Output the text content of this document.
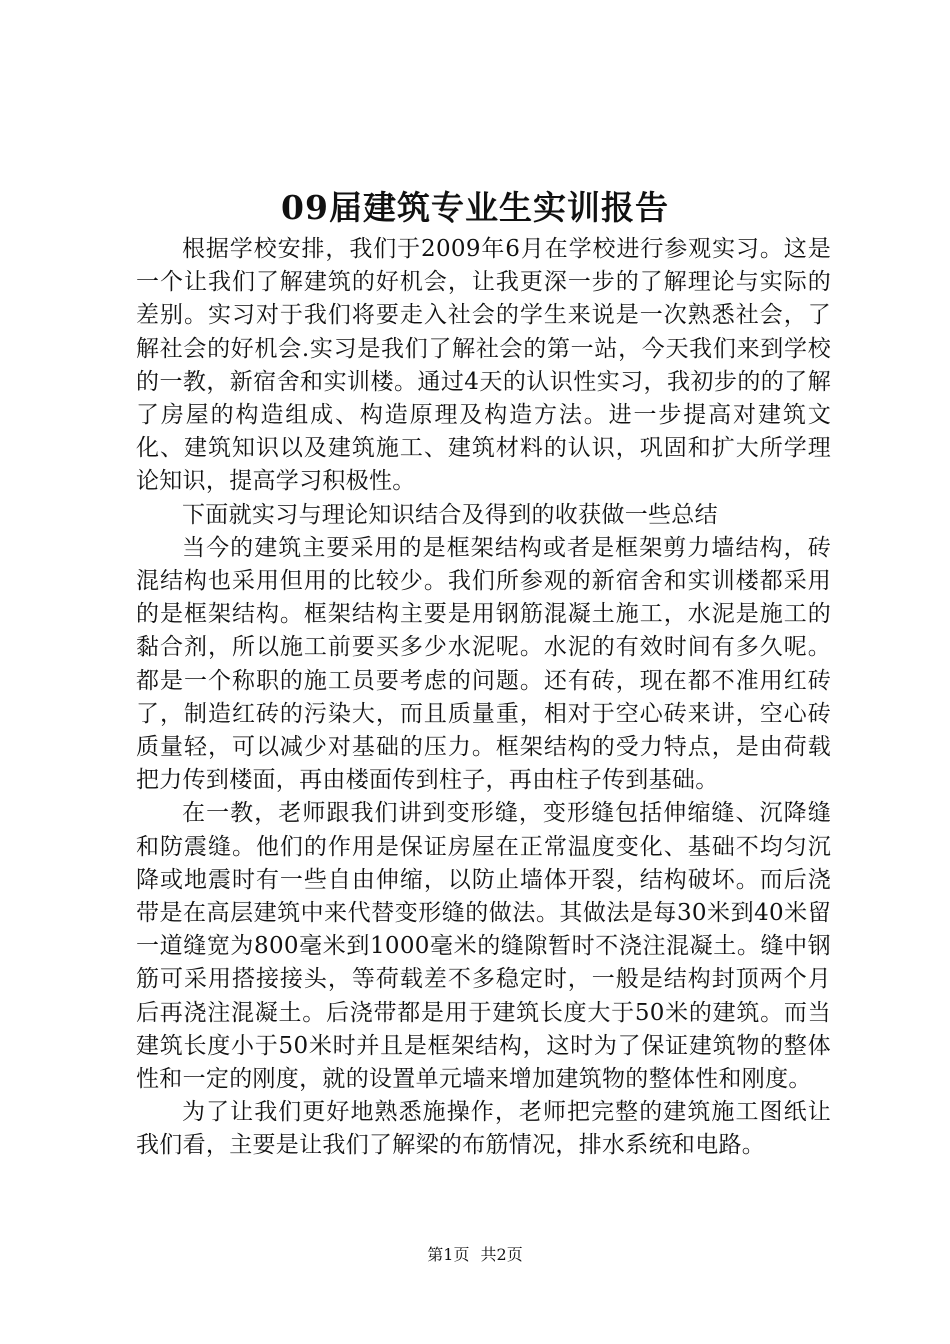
09届建筑专业生实训报告

根据学校安排，我们于2009年6月在学校进行参观实习。这是一个让我们了解建筑的好机会，让我更深一步的了解理论与实际的差别。实习对于我们将要走入社会的学生来说是一次熟悉社会，了解社会的好机会.实习是我们了解社会的第一站，今天我们来到学校的一教，新宿舍和实训楼。通过4天的认识性实习，我初步的的了解了房屋的构造组成、构造原理及构造方法。进一步提高对建筑文化、建筑知识以及建筑施工、建筑材料的认识，巩固和扩大所学理论知识，提高学习积极性。

下面就实习与理论知识结合及得到的收获做一些总结

当今的建筑主要采用的是框架结构或者是框架剪力墙结构，砖混结构也采用但用的比较少。我们所参观的新宿舍和实训楼都采用的是框架结构。框架结构主要是用钢筋混凝土施工，水泥是施工的黏合剂，所以施工前要买多少水泥呢。水泥的有效时间有多久呢。都是一个称职的施工员要考虑的问题。还有砖，现在都不准用红砖了，制造红砖的污染大，而且质量重，相对于空心砖来讲，空心砖质量轻，可以减少对基础的压力。框架结构的受力特点，是由荷载把力传到楼面，再由楼面传到柱子，再由柱子传到基础。

在一教，老师跟我们讲到变形缝，变形缝包括伸缩缝、沉降缝和防震缝。他们的作用是保证房屋在正常温度变化、基础不均匀沉降或地震时有一些自由伸缩，以防止墙体开裂，结构破坏。而后浇带是在高层建筑中来代替变形缝的做法。其做法是每30米到40米留一道缝宽为800毫米到1000毫米的缝隙暂时不浇注混凝土。缝中钢筋可采用搭接接头，等荷载差不多稳定时，一般是结构封顶两个月后再浇注混凝土。后浇带都是用于建筑长度大于50米的建筑。而当建筑长度小于50米时并且是框架结构，这时为了保证建筑物的整体性和一定的刚度，就的设置单元墙来增加建筑物的整体性和刚度。

为了让我们更好地熟悉施操作，老师把完整的建筑施工图纸让我们看，主要是让我们了解梁的布筋情况，排水系统和电路。

第1页 共2页
